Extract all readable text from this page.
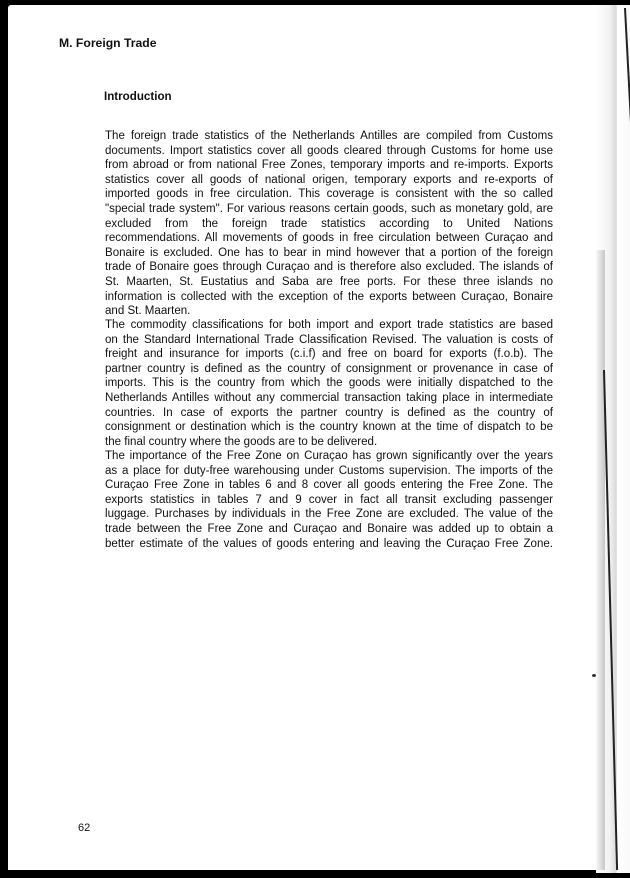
M. Foreign Trade
Introduction
The foreign trade statistics of the Netherlands Antilles are compiled from Customs
documents. Import statistics cover all goods cleared through Customs for home use
from abroad or from national Free Zones, temporary imports and re-imports. Exports
statistics cover all goods of national origen, temporary exports and re-exports of
imported goods in free circulation. This coverage is consistent with the so called
"special trade system". For various reasons certain goods, such as monetary gold, are
excluded from the foreign trade statistics according to United Nations
recommendations. All movements of goods in free circulation between Curaçao and
Bonaire is excluded. One has to bear in mind however that a portion of the foreign
trade of Bonaire goes through Curaçao and is therefore also excluded. The islands of
St. Maarten, St. Eustatius and Saba are free ports. For these three islands no
information is collected with the exception of the exports between Curaçao, Bonaire
and St. Maarten.
The commodity classifications for both import and export trade statistics are based
on the Standard International Trade Classification Revised. The valuation is costs of
freight and insurance for imports (c.i.f) and free on board for exports (f.o.b). The
partner country is defined as the country of consignment or provenance in case of
imports. This is the country from which the goods were initially dispatched to the
Netherlands Antilles without any commercial transaction taking place in intermediate
countries. In case of exports the partner country is defined as the country of
consignment or destination which is the country known at the time of dispatch to be
the final country where the goods are to be delivered.
The importance of the Free Zone on Curaçao has grown significantly over the years
as a place for duty-free warehousing under Customs supervision. The imports of the
Curaçao Free Zone in tables 6 and 8 cover all goods entering the Free Zone. The
exports statistics in tables 7 and 9 cover in fact all transit excluding passenger
luggage. Purchases by individuals in the Free Zone are excluded. The value of the
trade between the Free Zone and Curaçao and Bonaire was added up to obtain a
better estimate of the values of goods entering and leaving the Curaçao Free Zone.
62
